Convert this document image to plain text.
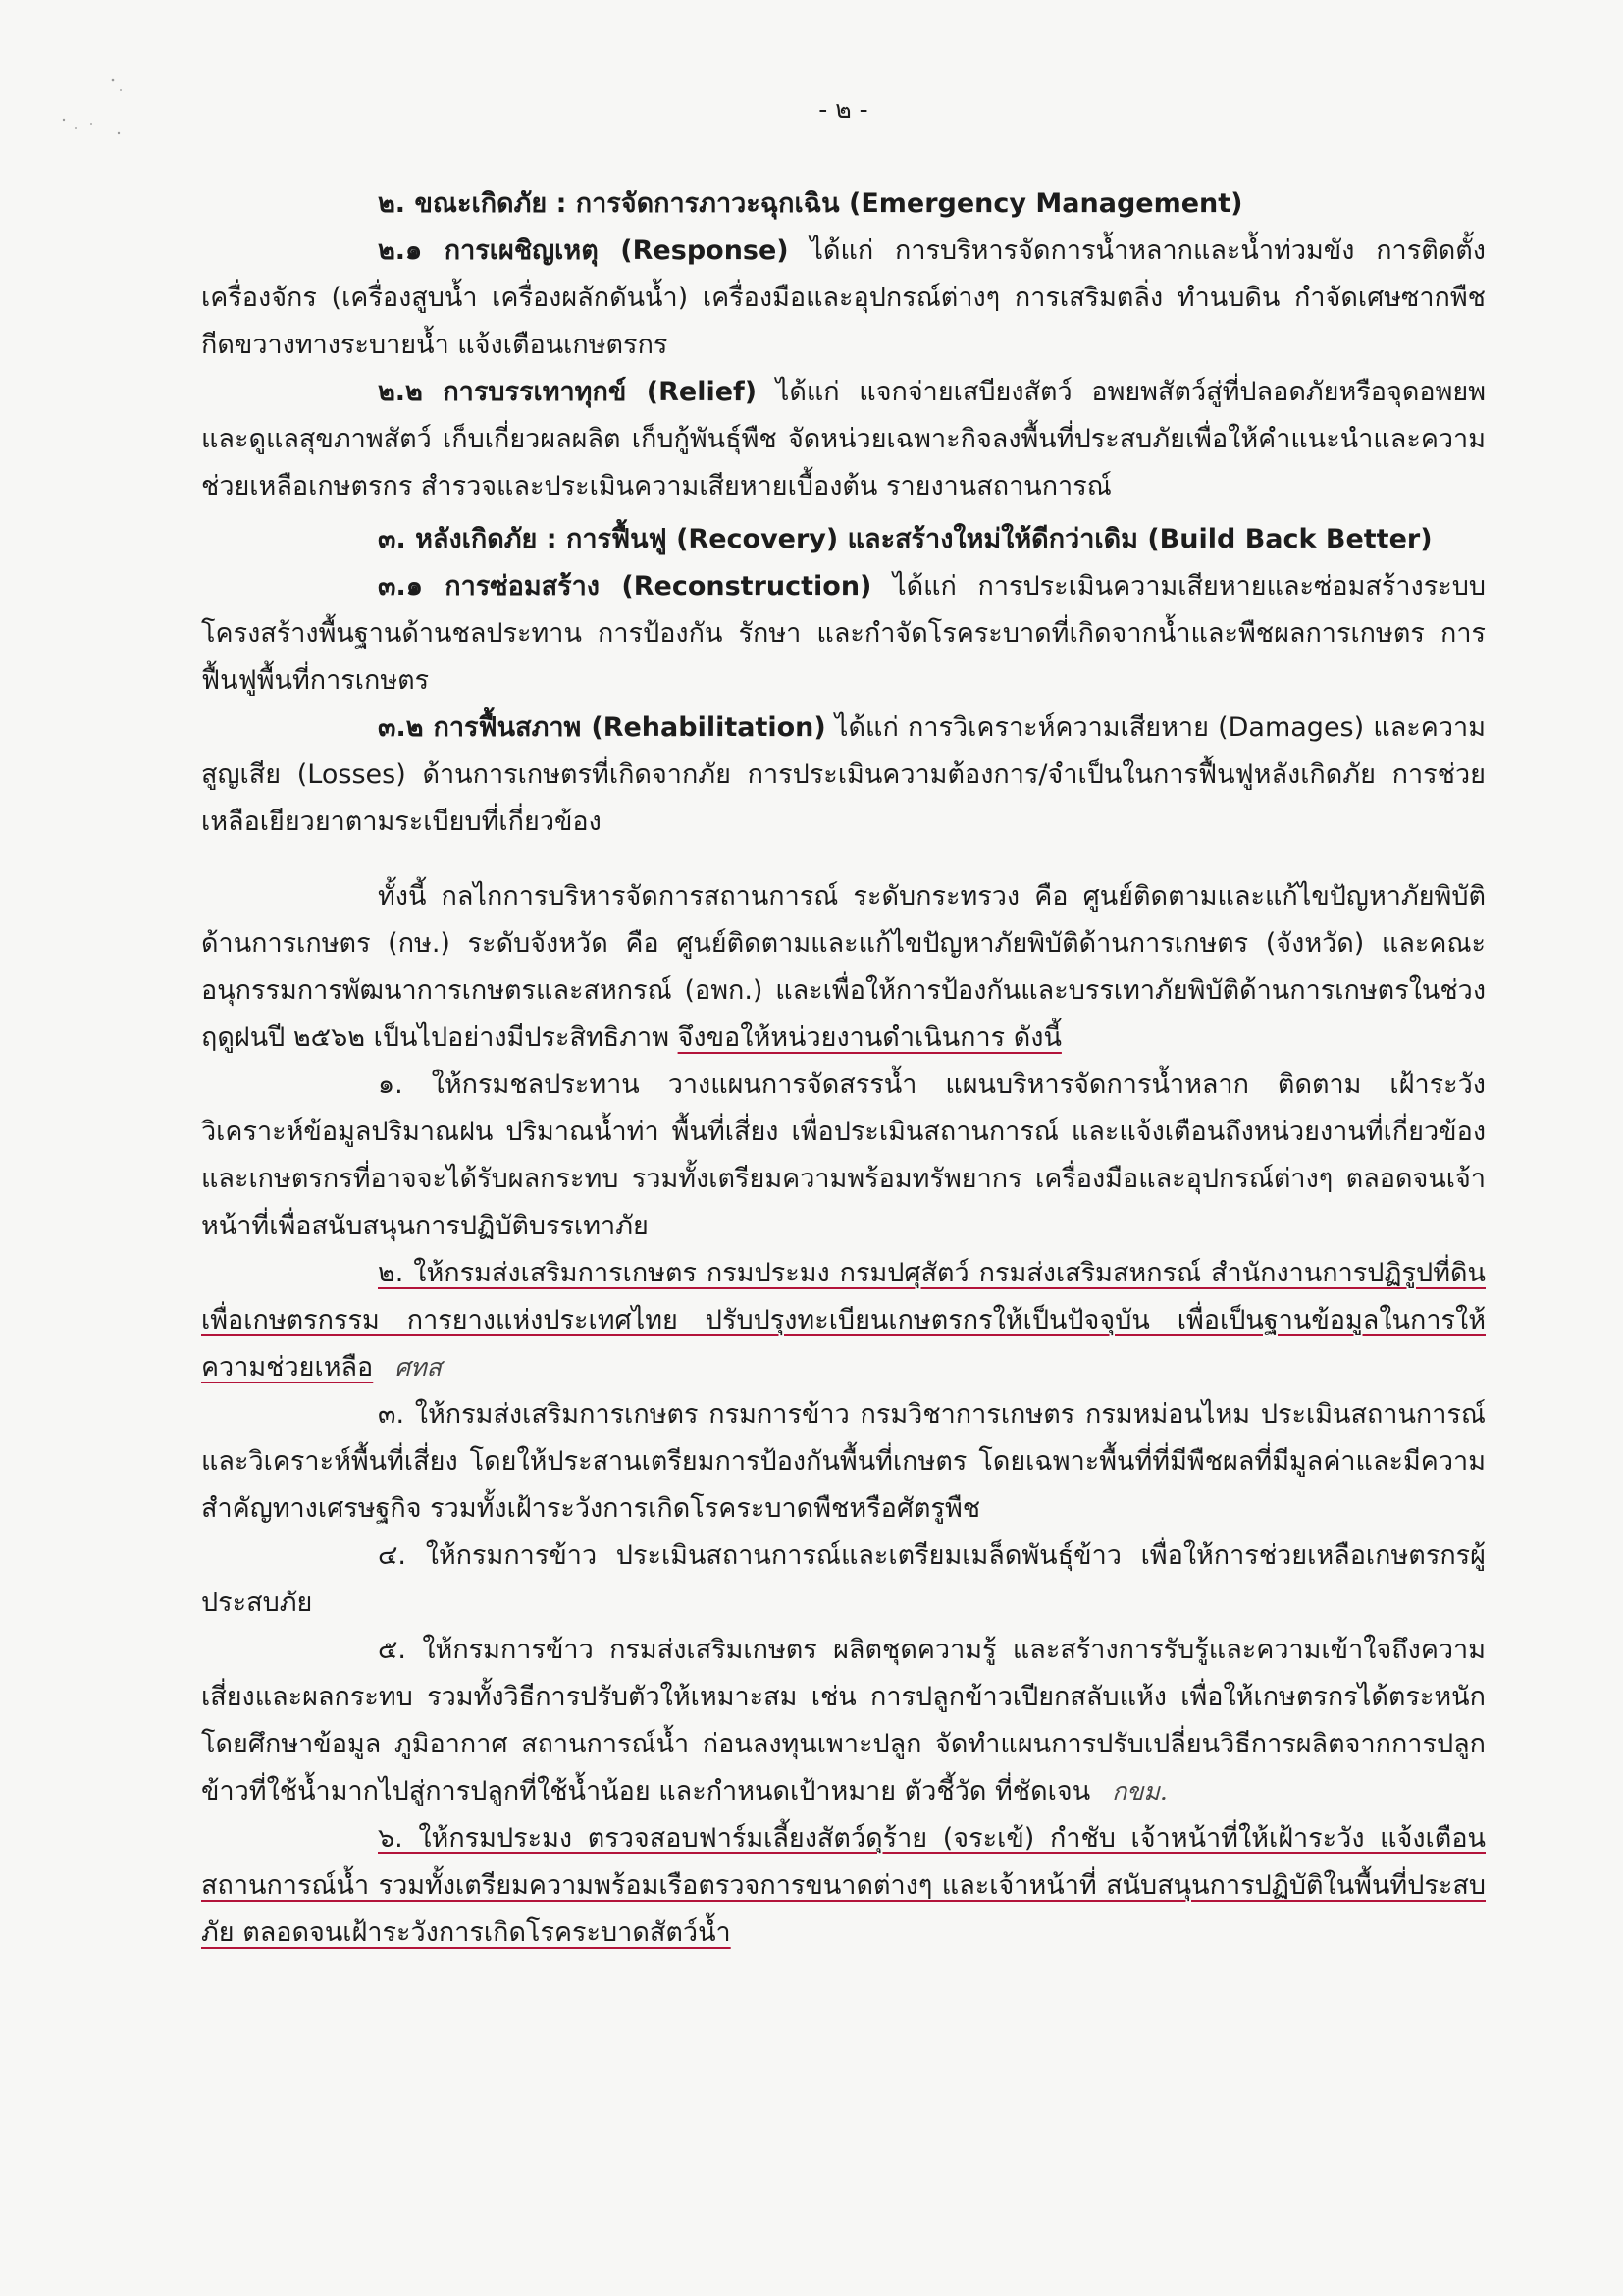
- ๒ -

๒. ขณะเกิดภัย : การจัดการภาวะฉุกเฉิน (Emergency Management)

๒.๑ การเผชิญเหตุ (Response) ได้แก่ การบริหารจัดการน้ำหลากและน้ำท่วมขัง การติดตั้งเครื่องจักร (เครื่องสูบน้ำ เครื่องผลักดันน้ำ) เครื่องมือและอุปกรณ์ต่างๆ การเสริมตลิ่ง ทำนบดิน กำจัดเศษซากพืชกีดขวางทางระบายน้ำ แจ้งเตือนเกษตรกร

๒.๒ การบรรเทาทุกข์ (Relief) ได้แก่ แจกจ่ายเสบียงสัตว์ อพยพสัตว์สู่ที่ปลอดภัยหรือจุดอพยพ และดูแลสุขภาพสัตว์ เก็บเกี่ยวผลผลิต เก็บกู้พันธุ์พืช จัดหน่วยเฉพาะกิจลงพื้นที่ประสบภัยเพื่อให้คำแนะนำและความช่วยเหลือเกษตรกร สำรวจและประเมินความเสียหายเบื้องต้น รายงานสถานการณ์

๓. หลังเกิดภัย : การฟื้นฟู (Recovery) และสร้างใหม่ให้ดีกว่าเดิม (Build Back Better)

๓.๑ การซ่อมสร้าง (Reconstruction) ได้แก่ การประเมินความเสียหายและซ่อมสร้างระบบโครงสร้างพื้นฐานด้านชลประทาน การป้องกัน รักษา และกำจัดโรคระบาดที่เกิดจากน้ำและพืชผลการเกษตร การฟื้นฟูพื้นที่การเกษตร

๓.๒ การฟื้นสภาพ (Rehabilitation) ได้แก่ การวิเคราะห์ความเสียหาย (Damages) และความสูญเสีย (Losses) ด้านการเกษตรที่เกิดจากภัย การประเมินความต้องการ/จำเป็นในการฟื้นฟูหลังเกิดภัย การช่วยเหลือเยียวยาตามระเบียบที่เกี่ยวข้อง

ทั้งนี้ กลไกการบริหารจัดการสถานการณ์ ระดับกระทรวง คือ ศูนย์ติดตามและแก้ไขปัญหาภัยพิบัติด้านการเกษตร (กษ.) ระดับจังหวัด คือ ศูนย์ติดตามและแก้ไขปัญหาภัยพิบัติด้านการเกษตร (จังหวัด) และคณะอนุกรรมการพัฒนาการเกษตรและสหกรณ์ (อพก.) และเพื่อให้การป้องกันและบรรเทาภัยพิบัติด้านการเกษตรในช่วงฤดูฝนปี ๒๕๖๒ เป็นไปอย่างมีประสิทธิภาพ จึงขอให้หน่วยงานดำเนินการ ดังนี้

๑. ให้กรมชลประทาน วางแผนการจัดสรรน้ำ แผนบริหารจัดการน้ำหลาก ติดตาม เฝ้าระวัง วิเคราะห์ข้อมูลปริมาณฝน ปริมาณน้ำท่า พื้นที่เสี่ยง เพื่อประเมินสถานการณ์ และแจ้งเตือนถึงหน่วยงานที่เกี่ยวข้องและเกษตรกรที่อาจจะได้รับผลกระทบ รวมทั้งเตรียมความพร้อมทรัพยากร เครื่องมือและอุปกรณ์ต่างๆ ตลอดจนเจ้าหน้าที่เพื่อสนับสนุนการปฏิบัติบรรเทาภัย

๒. ให้กรมส่งเสริมการเกษตร กรมประมง กรมปศุสัตว์ กรมส่งเสริมสหกรณ์ สำนักงานการปฏิรูปที่ดินเพื่อเกษตรกรรม การยางแห่งประเทศไทย ปรับปรุงทะเบียนเกษตรกรให้เป็นปัจจุบัน เพื่อเป็นฐานข้อมูลในการให้ความช่วยเหลือ ศทส

๓. ให้กรมส่งเสริมการเกษตร กรมการข้าว กรมวิชาการเกษตร กรมหม่อนไหม ประเมินสถานการณ์และวิเคราะห์พื้นที่เสี่ยง โดยให้ประสานเตรียมการป้องกันพื้นที่เกษตร โดยเฉพาะพื้นที่ที่มีพืชผลที่มีมูลค่าและมีความสำคัญทางเศรษฐกิจ รวมทั้งเฝ้าระวังการเกิดโรคระบาดพืชหรือศัตรูพืช

๔. ให้กรมการข้าว ประเมินสถานการณ์และเตรียมเมล็ดพันธุ์ข้าว เพื่อให้การช่วยเหลือเกษตรกรผู้ประสบภัย

๕. ให้กรมการข้าว กรมส่งเสริมเกษตร ผลิตชุดความรู้ และสร้างการรับรู้และความเข้าใจถึงความเสี่ยงและผลกระทบ รวมทั้งวิธีการปรับตัวให้เหมาะสม เช่น การปลูกข้าวเปียกสลับแห้ง เพื่อให้เกษตรกรได้ตระหนักโดยศึกษาข้อมูล ภูมิอากาศ สถานการณ์น้ำ ก่อนลงทุนเพาะปลูก จัดทำแผนการปรับเปลี่ยนวิธีการผลิตจากการปลูกข้าวที่ใช้น้ำมากไปสู่การปลูกที่ใช้น้ำน้อย และกำหนดเป้าหมาย ตัวชี้วัด ที่ชัดเจน กขม.

๖. ให้กรมประมง ตรวจสอบฟาร์มเลี้ยงสัตว์ดุร้าย (จระเข้) กำชับ เจ้าหน้าที่ให้เฝ้าระวัง แจ้งเตือนสถานการณ์น้ำ รวมทั้งเตรียมความพร้อมเรือตรวจการขนาดต่างๆ และเจ้าหน้าที่ สนับสนุนการปฏิบัติในพื้นที่ประสบภัย ตลอดจนเฝ้าระวังการเกิดโรคระบาดสัตว์น้ำ
